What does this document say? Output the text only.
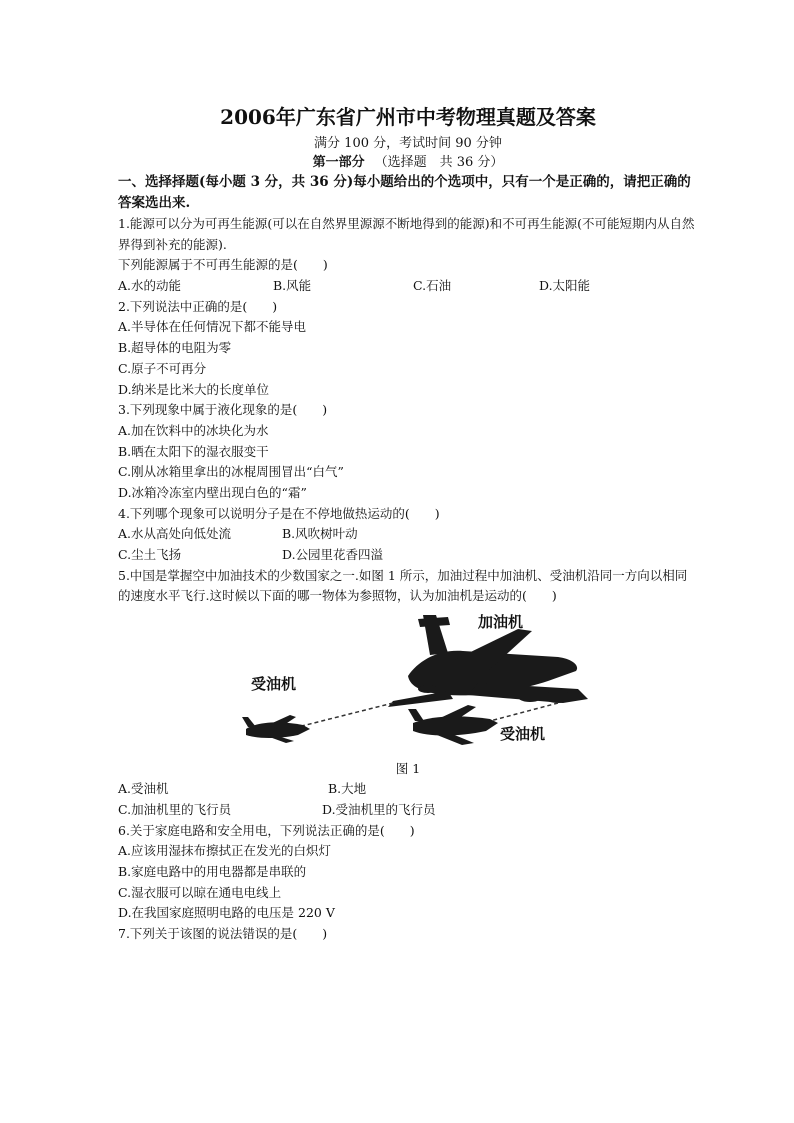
2006年广东省广州市中考物理真题及答案
满分 100 分，考试时间 90 分钟
第一部分 （选择题　共 36 分）
一、选择择题(每小题 3 分，共 36 分)每小题给出的个选项中，只有一个是正确的，请把正确的答案选出来.
1.能源可以分为可再生能源(可以在自然界里源源不断地得到的能源)和不可再生能源(不可能短期内从自然界得到补充的能源).
下列能源属于不可再生能源的是(　　)
A.水的动能	B.风能	C.石油	D.太阳能
2.下列说法中正确的是(　　)
A.半导体在任何情况下都不能导电
B.超导体的电阻为零
C.原子不可再分
D.纳米是比米大的长度单位
3.下列现象中属于液化现象的是(　　)
A.加在饮料中的冰块化为水
B.晒在太阳下的湿衣服变干
C.刚从冰箱里拿出的冰棍周围冒出“白气”
D.冰箱冷冻室内壁出现白色的“霜”
4.下列哪个现象可以说明分子是在不停地做热运动的(　　)
A.水从高处向低处流	B.风吹树叶动
C.尘土飞扬	D.公园里花香四溢
5.中国是掌握空中加油技术的少数国家之一.如图 1 所示，加油过程中加油机、受油机沿同一方向以相同的速度水平飞行.这时候以下面的哪一物体为参照物，认为加油机是运动的(　　)
加油机
受油机
受油机
图 1
A.受油机	B.大地
C.加油机里的飞行员	D.受油机里的飞行员
6.关于家庭电路和安全用电，下列说法正确的是(　　)
A.应该用湿抹布擦拭正在发光的白炽灯
B.家庭电路中的用电器都是串联的
C.湿衣服可以晾在通电电线上
D.在我国家庭照明电路的电压是 220 V
7.下列关于该图的说法错误的是(　　)
